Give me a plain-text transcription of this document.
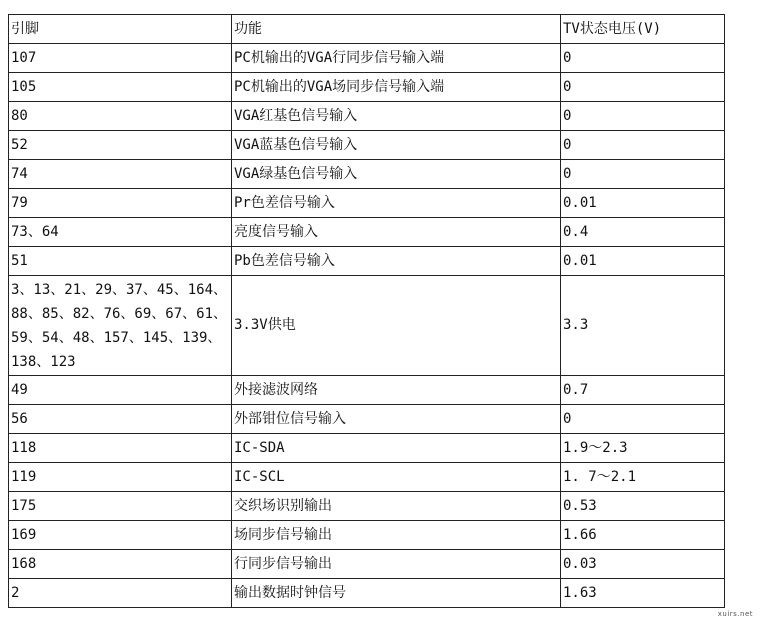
引脚	功能	TV状态电压(V)
107	PC机输出的VGA行同步信号输入端	0
105	PC机输出的VGA场同步信号输入端	0
80	VGA红基色信号输入	0
52	VGA蓝基色信号输入	0
74	VGA绿基色信号输入	0
79	Pr色差信号输入	0.01
73、64	亮度信号输入	0.4
51	Pb色差信号输入	0.01
3、13、21、29、37、45、164、88、85、82、76、69、67、61、59、54、48、157、145、139、138、123	3.3V供电	3.3
49	外接滤波网络	0.7
56	外部钳位信号输入	0
118	IC-SDA	1.9～2.3
119	IC-SCL	1. 7～2.1
175	交织场识别输出	0.53
169	场同步信号输出	1.66
168	行同步信号输出	0.03
2	输出数据时钟信号	1.63
xuirs.net
